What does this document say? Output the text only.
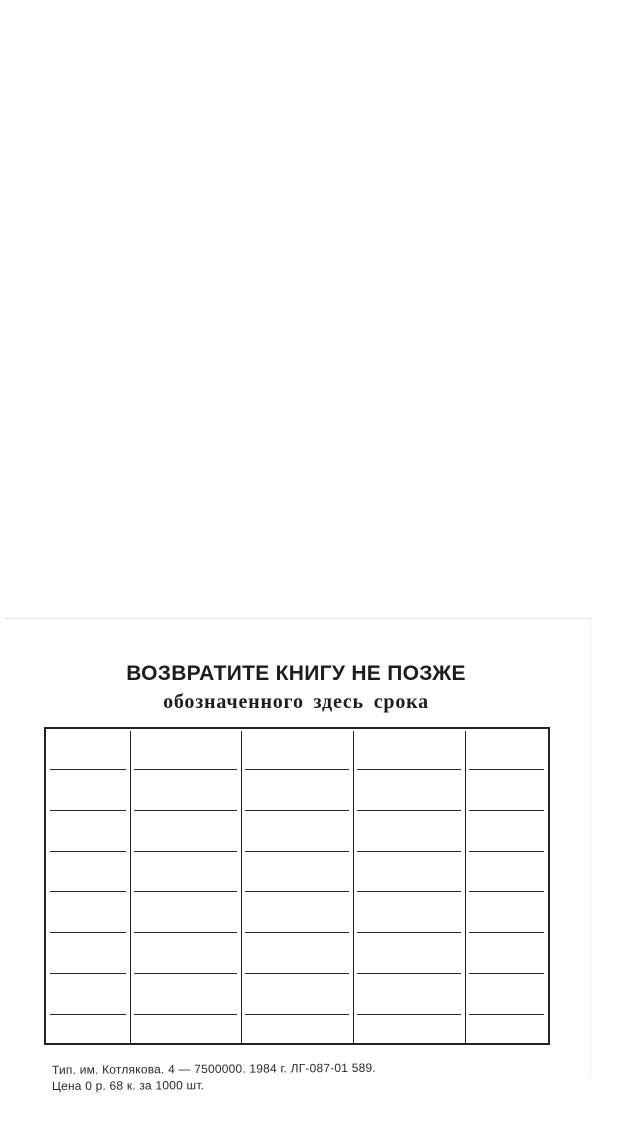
ВОЗВРАТИТЕ КНИГУ НЕ ПОЗЖЕ
обозначенного здесь срока
Тип. им. Котлякова. 4 — 7500000. 1984 г. ЛГ-087-01 589.
Цена 0 р. 68 к. за 1000 шт.
